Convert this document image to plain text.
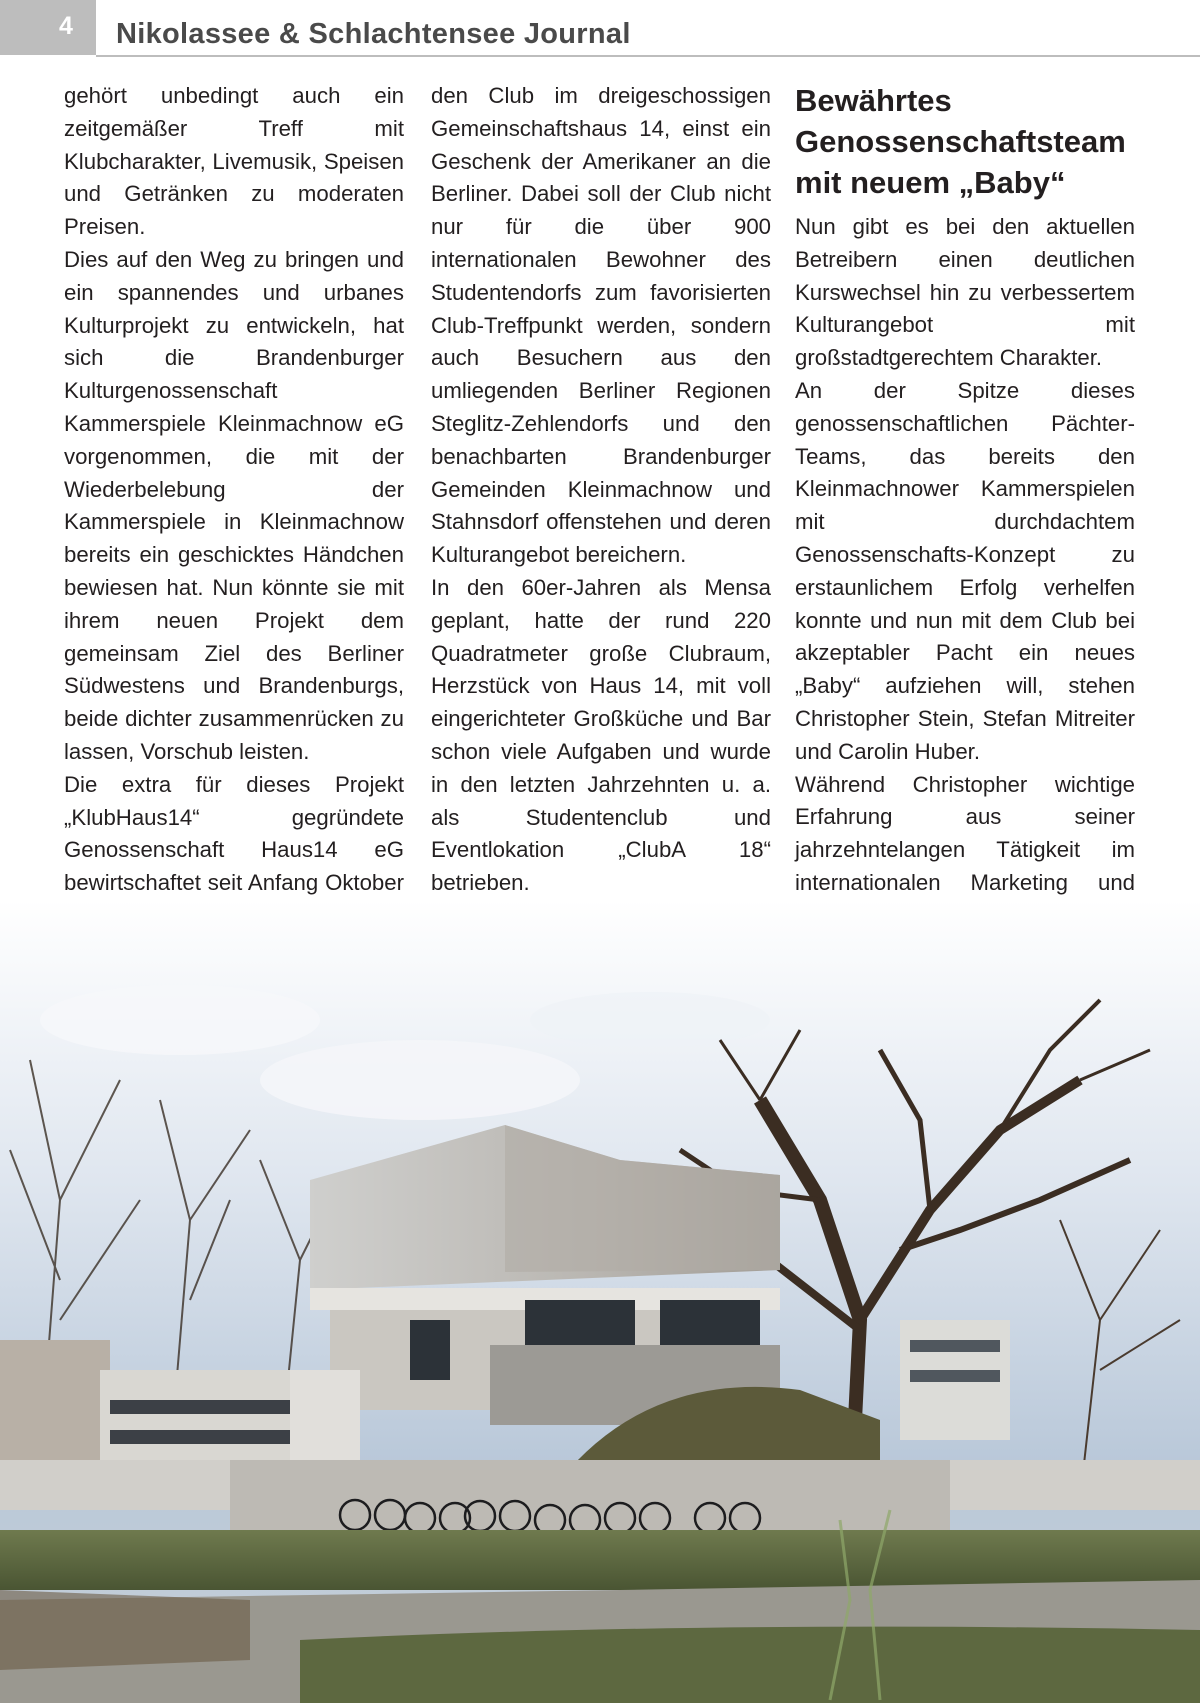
4	Nikolassee & Schlachtensee Journal

gehört unbedingt auch ein zeitgemäßer Treff mit Klubcharakter, Livemusik, Speisen und Getränken zu moderaten Preisen.

Dies auf den Weg zu bringen und ein spannendes und urbanes Kulturprojekt zu entwickeln, hat sich die Brandenburger Kulturgenossenschaft Kammerspiele Kleinmachnow eG vorgenommen, die mit der Wiederbelebung der Kammerspiele in Kleinmachnow bereits ein geschicktes Händchen bewiesen hat. Nun könnte sie mit ihrem neuen Projekt dem gemeinsam Ziel des Berliner Südwestens und Brandenburgs, beide dichter zusammenrücken zu lassen, Vorschub leisten.

Die extra für dieses Projekt „KlubHaus14“ gegründete Genossenschaft Haus14 eG bewirtschaftet seit Anfang Oktober

den Club im dreigeschossigen Gemeinschaftshaus 14, einst ein Geschenk der Amerikaner an die Berliner. Dabei soll der Club nicht nur für die über 900 internationalen Bewohner des Studentendorfs zum favorisierten Club-Treffpunkt werden, sondern auch Besuchern aus den umliegenden Berliner Regionen Steglitz-Zehlendorfs und den benachbarten Brandenburger Gemeinden Kleinmachnow und Stahnsdorf offenstehen und deren Kulturangebot bereichern.

In den 60er-Jahren als Mensa geplant, hatte der rund 220 Quadratmeter große Clubraum, Herzstück von Haus 14, mit voll eingerichteter Großküche und Bar schon viele Aufgaben und wurde in den letzten Jahrzehnten u. a. als Studentenclub und Eventlokation „ClubA 18“ betrieben.

Bewährtes Genossenschaftsteam mit neuem „Baby“

Nun gibt es bei den aktuellen Betreibern einen deutlichen Kurswechsel hin zu verbessertem Kulturangebot mit großstadtgerechtem Charakter.

An der Spitze dieses genossenschaftlichen Pächter-Teams, das bereits den Kleinmachnower Kammerspielen mit durchdachtem Genossenschafts-Konzept zu erstaunlichem Erfolg verhelfen konnte und nun mit dem Club bei akzeptabler Pacht ein neues „Baby“ aufziehen will, stehen Christopher Stein, Stefan Mitreiter und Carolin Huber.

Während Christopher wichtige Erfahrung aus seiner jahrzehntelangen Tätigkeit im internationalen Marketing und
